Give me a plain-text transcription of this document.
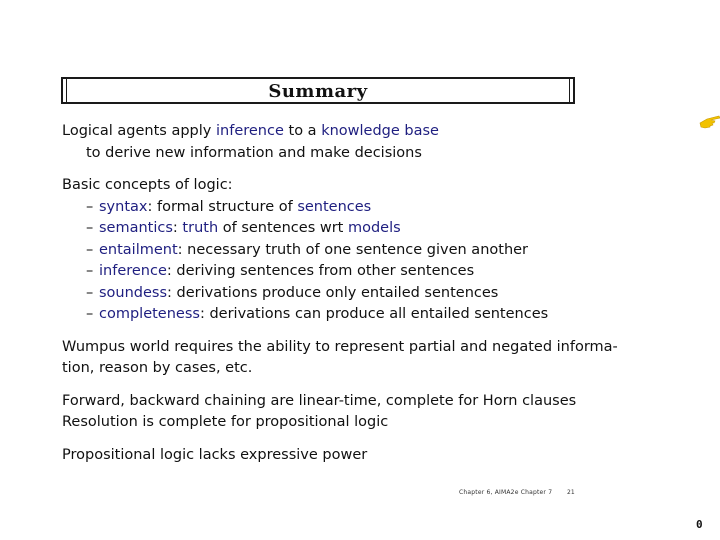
Summary
Logical agents apply inference to a knowledge base
to derive new information and make decisions
Basic concepts of logic:
– syntax: formal structure of sentences
– semantics: truth of sentences wrt models
– entailment: necessary truth of one sentence given another
– inference: deriving sentences from other sentences
– soundess: derivations produce only entailed sentences
– completeness: derivations can produce all entailed sentences
Wumpus world requires the ability to represent partial and negated informa-
tion, reason by cases, etc.
Forward, backward chaining are linear-time, complete for Horn clauses
Resolution is complete for propositional logic
Propositional logic lacks expressive power
Chapter 6, AIMA2e Chapter 7 21
0
